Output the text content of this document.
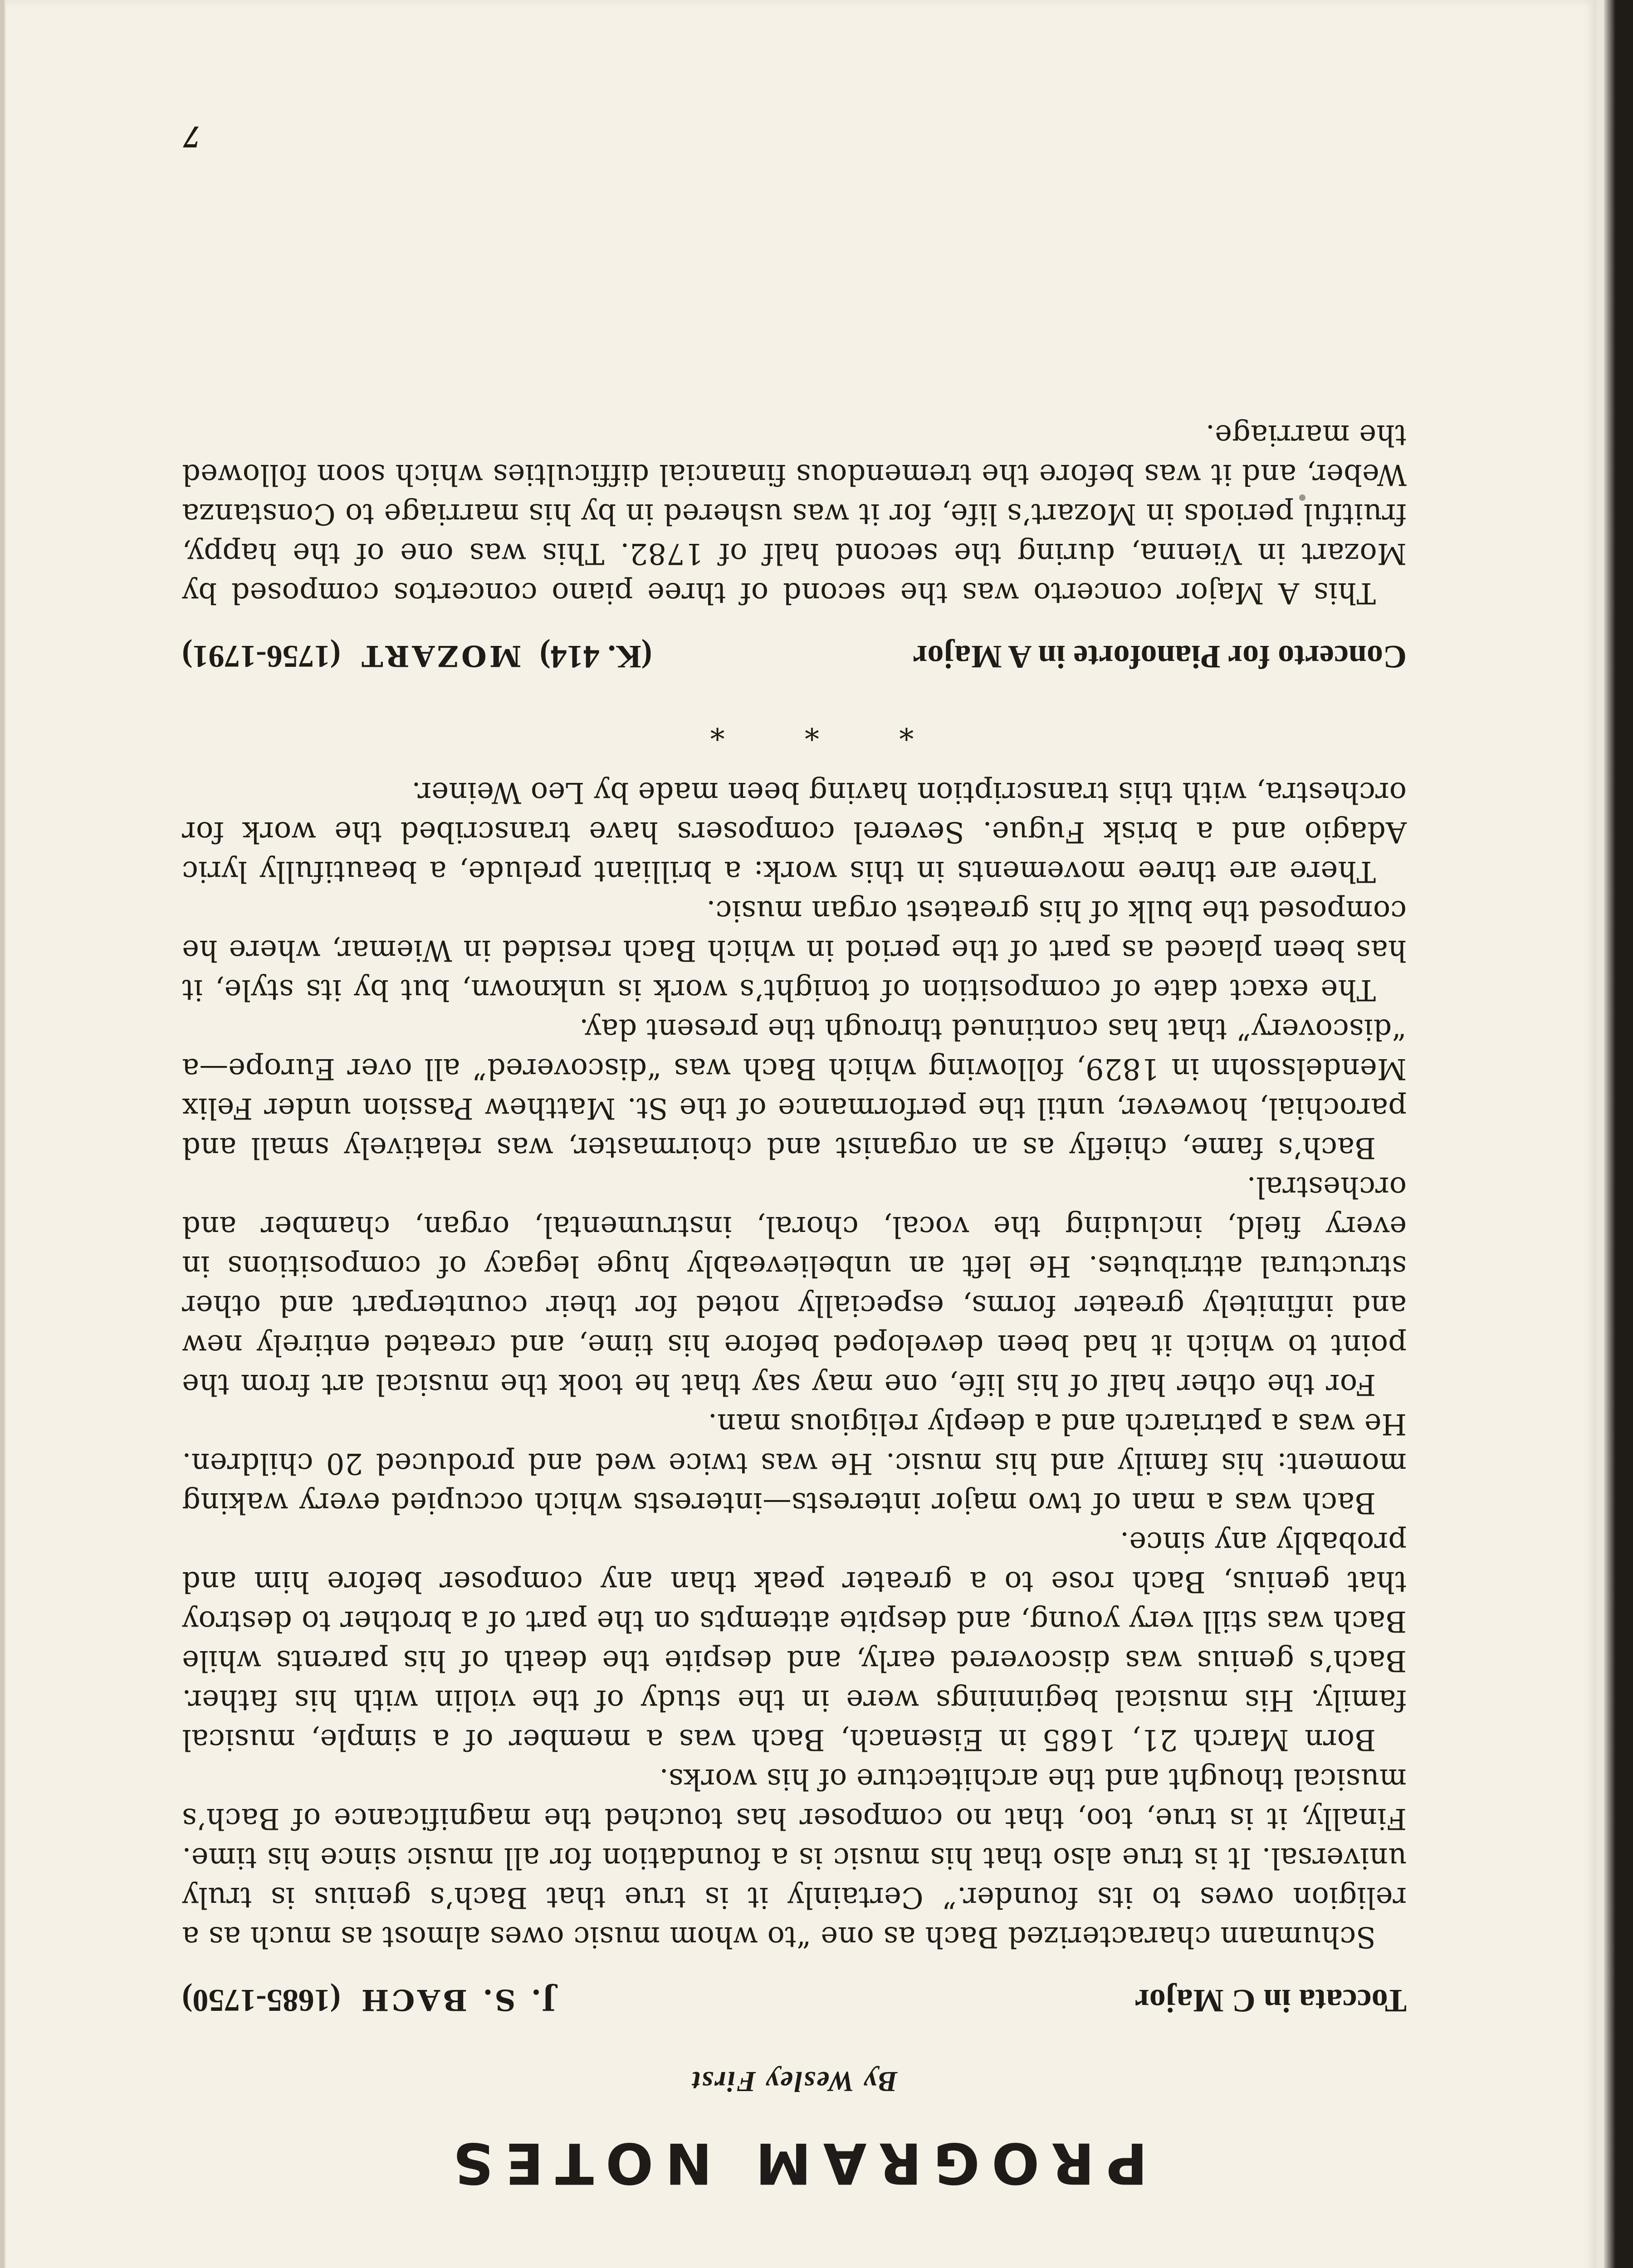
PROGRAM NOTES
By Wesley First
Toccata in C Major
J. S. BACH
(1685-1750)

Schumann characterized Bach as one “to whom music owes almost as much as a religion owes to its founder.” Certainly it is true that Bach’s genius is truly universal. It is true also that his music is a foundation for all music since his time. Finally, it is true, too, that no composer has touched the magnificance of Bach’s musical thought and the architecture of his works.

Born March 21, 1685 in Eisenach, Bach was a member of a simple, musical family. His musical beginnings were in the study of the violin with his father. Bach’s genius was discovered early, and despite the death of his parents while Bach was still very young, and despite attempts on the part of a brother to destroy that genius, Bach rose to a greater peak than any composer before him and probably any since.

Bach was a man of two major interests—interests which occupied every waking moment: his family and his music. He was twice wed and produced 20 children. He was a patriarch and a deeply religious man.

For the other half of his life, one may say that he took the musical art from the point to which it had been developed before his time, and created entirely new and infinitely greater forms, especially noted for their counterpart and other structural attributes. He left an unbelieveably huge legacy of compositions in every field, including the vocal, choral, instrumental, organ, chamber and orchestral.

Bach’s fame, chiefly as an organist and choirmaster, was relatively small and parochial, however, until the performance of the St. Matthew Passion under Felix Mendelssohn in 1829, following which Bach was “discovered” all over Europe—a “discovery” that has continued through the present day.

The exact date of composition of tonight’s work is unknown, but by its style, it has been placed as part of the period in which Bach resided in Wiemar, where he composed the bulk of his greatest organ music.

There are three movements in this work: a brilliant prelude, a beautifully lyric Adagio and a brisk Fugue. Severel composers have transcribed the work for orchestra, with this transcription having been made by Leo Weiner.

* * *
Concerto for Pianoforte in A Major
(K. 414)
MOZART
(1756-1791)

This A Major concerto was the second of three piano concertos composed by Mozart in Vienna, during the second half of 1782. This was one of the happy, fruitful periods in Mozart’s life, for it was ushered in by his marriage to Constanza Weber, and it was before the tremendous financial difficulties which soon followed the marriage.

7
